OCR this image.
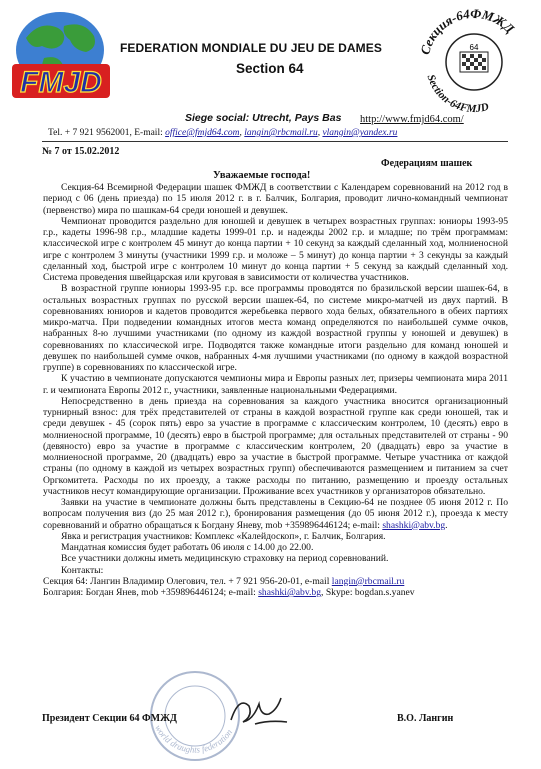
FMJD
FEDERATION MONDIALE DU JEU DE DAMES
Section 64
Секция-64ФМЖД
Section-64FMJD
64
Siege social: Utrecht, Pays Bas http://www.fmjd64.com/
Tel. + 7 921 9562001, E-mail: office@fmjd64.com, langin@rbcmail.ru, vlangin@yandex.ru
№ 7 от 15.02.2012
Федерациям шашек
Уважаемые господа!

Секция-64 Всемирной Федерации шашек ФМЖД в соответствии с Календарем соревнований на 2012 год в период с 06 (день приезда) по 15 июля 2012 г. в г. Балчик, Болгария, проводит лично-командный чемпионат (первенство) мира по шашкам-64 среди юношей и девушек.

Чемпионат проводится раздельно для юношей и девушек в четырех возрастных группах: юниоры 1993-95 г.р., кадеты 1996-98 г.р., младшие кадеты 1999-01 г.р. и надежды 2002 г.р. и младше; по трём программам: классической игре с контролем 45 минут до конца партии + 10 секунд за каждый сделанный ход, молниеносной игре с контролем 3 минуты (участники 1999 г.р. и моложе – 5 минут) до конца партии + 3 секунды за каждый сделанный ход, быстрой игре с контролем 10 минут до конца партии + 5 секунд за каждый сделанный ход. Система проведения швейцарская или круговая в зависимости от количества участников.

В возрастной группе юниоры 1993-95 г.р. все программы проводятся по бразильской версии шашек-64, в остальных возрастных группах по русской версии шашек-64, по системе микро-матчей из двух партий. В соревнованиях юниоров и кадетов проводится жеребьевка первого хода белых, обязательного в обеих партиях микро-матча. При подведении командных итогов места команд определяются по наибольшей сумме очков, набранных 8-ю лучшими участниками (по одному из каждой возрастной группы у юношей и девушек) в соревнованиях по классической игре. Подводятся также командные итоги раздельно для команд юношей и девушек по наибольшей сумме очков, набранных 4-мя лучшими участниками (по одному в каждой возрастной группе) в соревнованиях по классической игре.

К участию в чемпионате допускаются чемпионы мира и Европы разных лет, призеры чемпионата мира 2011 г. и чемпионата Европы 2012 г., участники, заявленные национальными Федерациями.

Непосредственно в день приезда на соревнования за каждого участника вносится организационный турнирный взнос: для трёх представителей от страны в каждой возрастной группе как среди юношей, так и среди девушек - 45 (сорок пять) евро за участие в программе с классическим контролем, 10 (десять) евро в молниеносной программе, 10 (десять) евро в быстрой программе; для остальных представителей от страны - 90 (девяносто) евро за участие в программе с классическим контролем, 20 (двадцать) евро за участие в молниеносной программе, 20 (двадцать) евро за участие в быстрой программе. Четыре участника от каждой страны (по одному в каждой из четырех возрастных групп) обеспечиваются размещением и питанием за счет Оргкомитета. Расходы по их проезду, а также расходы по питанию, размещению и проезду остальных участников несут командирующие организации. Проживание всех участников у организаторов обязательно.

Заявки на участие в чемпионате должны быть представлены в Секцию-64 не позднее 05 июня 2012 г. По вопросам получения виз (до 25 мая 2012 г.), бронирования размещения (до 05 июня 2012 г.), проезда к месту соревнований и обратно обращаться к Богдану Яневу, mob +359896446124; e-mail: shashki@abv.bg.

Явка и регистрация участников: Комплекс «Калейдоскоп», г. Балчик, Болгария.

Мандатная комиссия будет работать 06 июля с 14.00 до 22.00.

Все участники должны иметь медицинскую страховку на период соревнований.

Контакты:

Секция 64: Лангин Владимир Олегович, тел. + 7 921 956-20-01, e-mail langin@rbcmail.ru

Болгария: Богдан Янев, mob +359896446124; e-mail: shashki@abv.bg, Skype: bogdan.s.yanev

world draughts federation
Президент Секции 64 ФМЖД	В.О. Лангин
